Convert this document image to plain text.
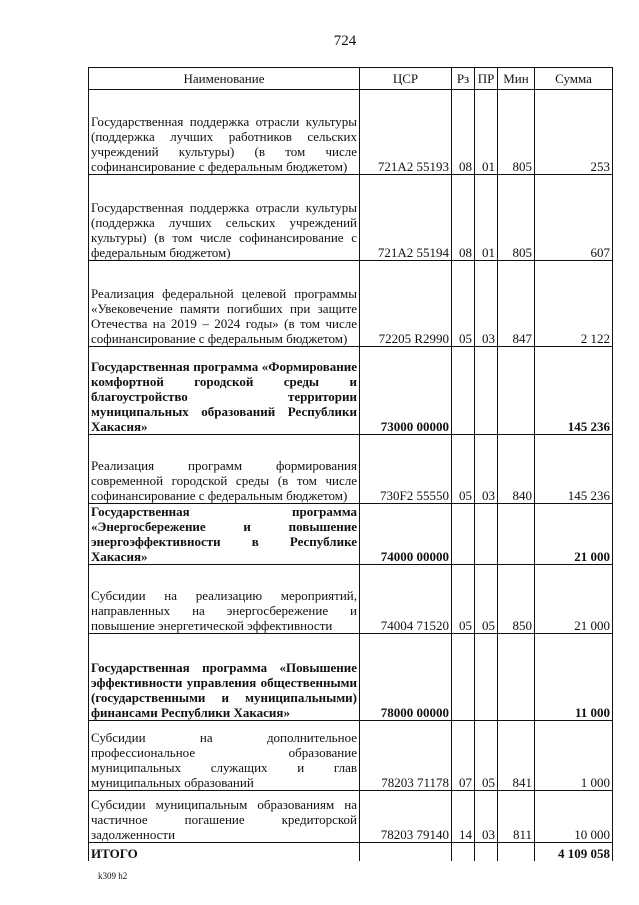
724
Наименование	ЦСР	Рз	ПР	Мин	Сумма
Государственная поддержка отрасли культуры (поддержка лучших работников сельских учреждений культуры) (в том числе софинансирование с федеральным бюджетом)	721А2 55193	08	01	805	253
Государственная поддержка отрасли культуры (поддержка лучших сельских учреждений культуры) (в том числе софинансирование с федеральным бюджетом)	721А2 55194	08	01	805	607
Реализация федеральной целевой программы «Увековечение памяти погибших при защите Отечества на 2019 – 2024 годы» (в том числе софинансирование с федеральным бюджетом)	72205 R2990	05	03	847	2 122
Государственная программа «Формирование комфортной городской среды и благоустройство территории муниципальных образований Республики Хакасия»	73000 00000				145 236
Реализация программ формирования современной городской среды (в том числе софинансирование с федеральным бюджетом)	730F2 55550	05	03	840	145 236
Государственная программа «Энергосбережение и повышение энергоэффективности в Республике Хакасия»	74000 00000				21 000
Субсидии на реализацию мероприятий, направленных на энергосбережение и повышение энергетической эффективности	74004 71520	05	05	850	21 000
Государственная программа «Повышение эффективности управления общественными (государственными и муниципальными) финансами Республики Хакасия»	78000 00000				11 000
Субсидии на дополнительное профессиональное образование муниципальных служащих и глав муниципальных образований	78203 71178	07	05	841	1 000
Субсидии муниципальным образованиям на частичное погашение кредиторской задолженности	78203 79140	14	03	811	10 000
ИТОГО					4 109 058
k309 h2
